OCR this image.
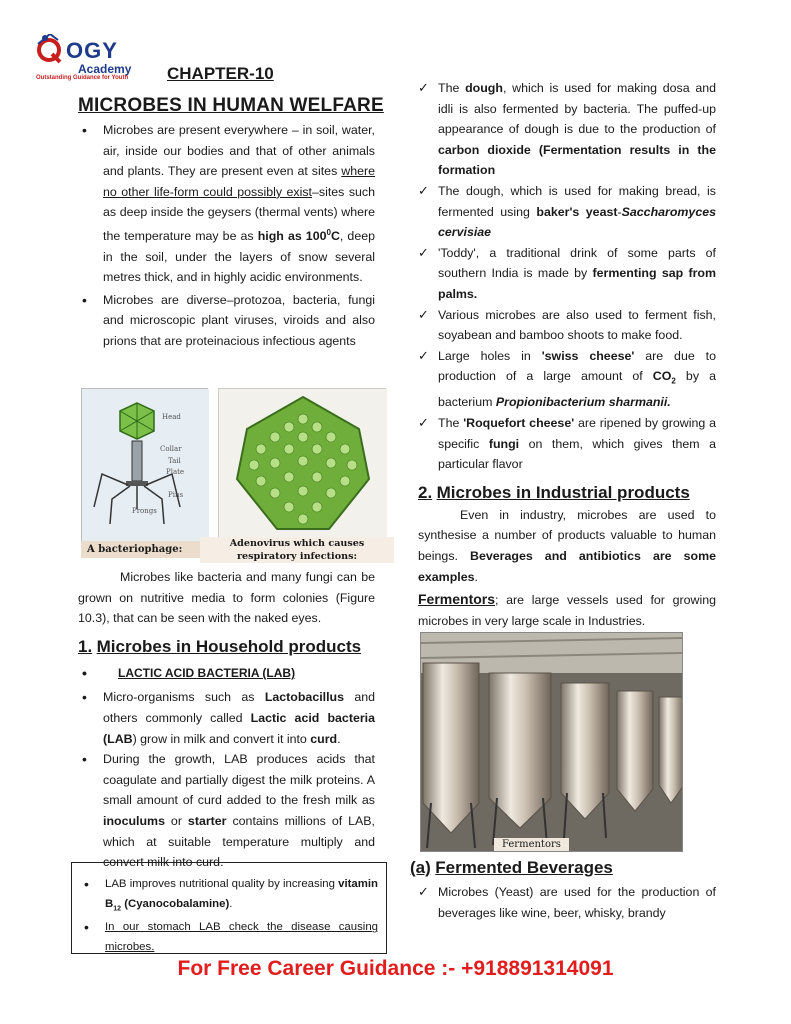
OGY
Academy
Outstanding Guidance for Youth CHAPTER-10
MICROBES IN HUMAN WELFARE
• Microbes are present everywhere – in soil, water, air, inside our bodies and that of other animals and plants. They are present even at sites where no other life-form could possibly exist–sites such as deep inside the geysers (thermal vents) where the temperature may be as high as $100^0C$, deep in the soil, under the layers of snow several metres thick, and in highly acidic environments.
• Microbes are diverse–protozoa, bacteria, fungi and microscopic plant viruses, viroids and also prions that are proteinacious infectious agents
Head
Collar
Tail
Plate
Pins
Prongs
A bacteriophage:
Adenovirus which causes respiratory infections:
Microbes like bacteria and many fungi can be grown on nutritive media to form colonies (Figure 10.3), that can be seen with the naked eyes.
1. Microbes in Household products
• LACTIC ACID BACTERIA (LAB)
• Micro-organisms such as Lactobacillus and others commonly called Lactic acid bacteria (LAB) grow in milk and convert it into curd.
• During the growth, LAB produces acids that coagulate and partially digest the milk proteins. A small amount of curd added to the fresh milk as inoculums or starter contains millions of LAB, which at suitable temperature multiply and convert milk into curd.
• LAB improves nutritional quality by increasing vitamin $B_{12}$ (Cyanocobalamine).
• In our stomach LAB check the disease causing microbes.
✓ The dough, which is used for making dosa and idli is also fermented by bacteria. The puffed-up appearance of dough is due to the production of carbon dioxide (Fermentation results in the formation
✓ The dough, which is used for making bread, is fermented using baker's yeast-Saccharomyces cervisiae
✓ 'Toddy', a traditional drink of some parts of southern India is made by fermenting sap from palms.
✓ Various microbes are also used to ferment fish, soyabean and bamboo shoots to make food.
✓ Large holes in 'swiss cheese' are due to production of a large amount of $CO_2$ by a bacterium Propionibacterium sharmanii.
✓ The 'Roquefort cheese' are ripened by growing a specific fungi on them, which gives them a particular flavor
2. Microbes in Industrial products
Even in industry, microbes are used to synthesise a number of products valuable to human beings. Beverages and antibiotics are some examples.
Fermentors; are large vessels used for growing microbes in very large scale in Industries.
Fermentors
(a) Fermented Beverages
✓ Microbes (Yeast) are used for the production of beverages like wine, beer, whisky, brandy
For Free Career Guidance :- +918891314091
